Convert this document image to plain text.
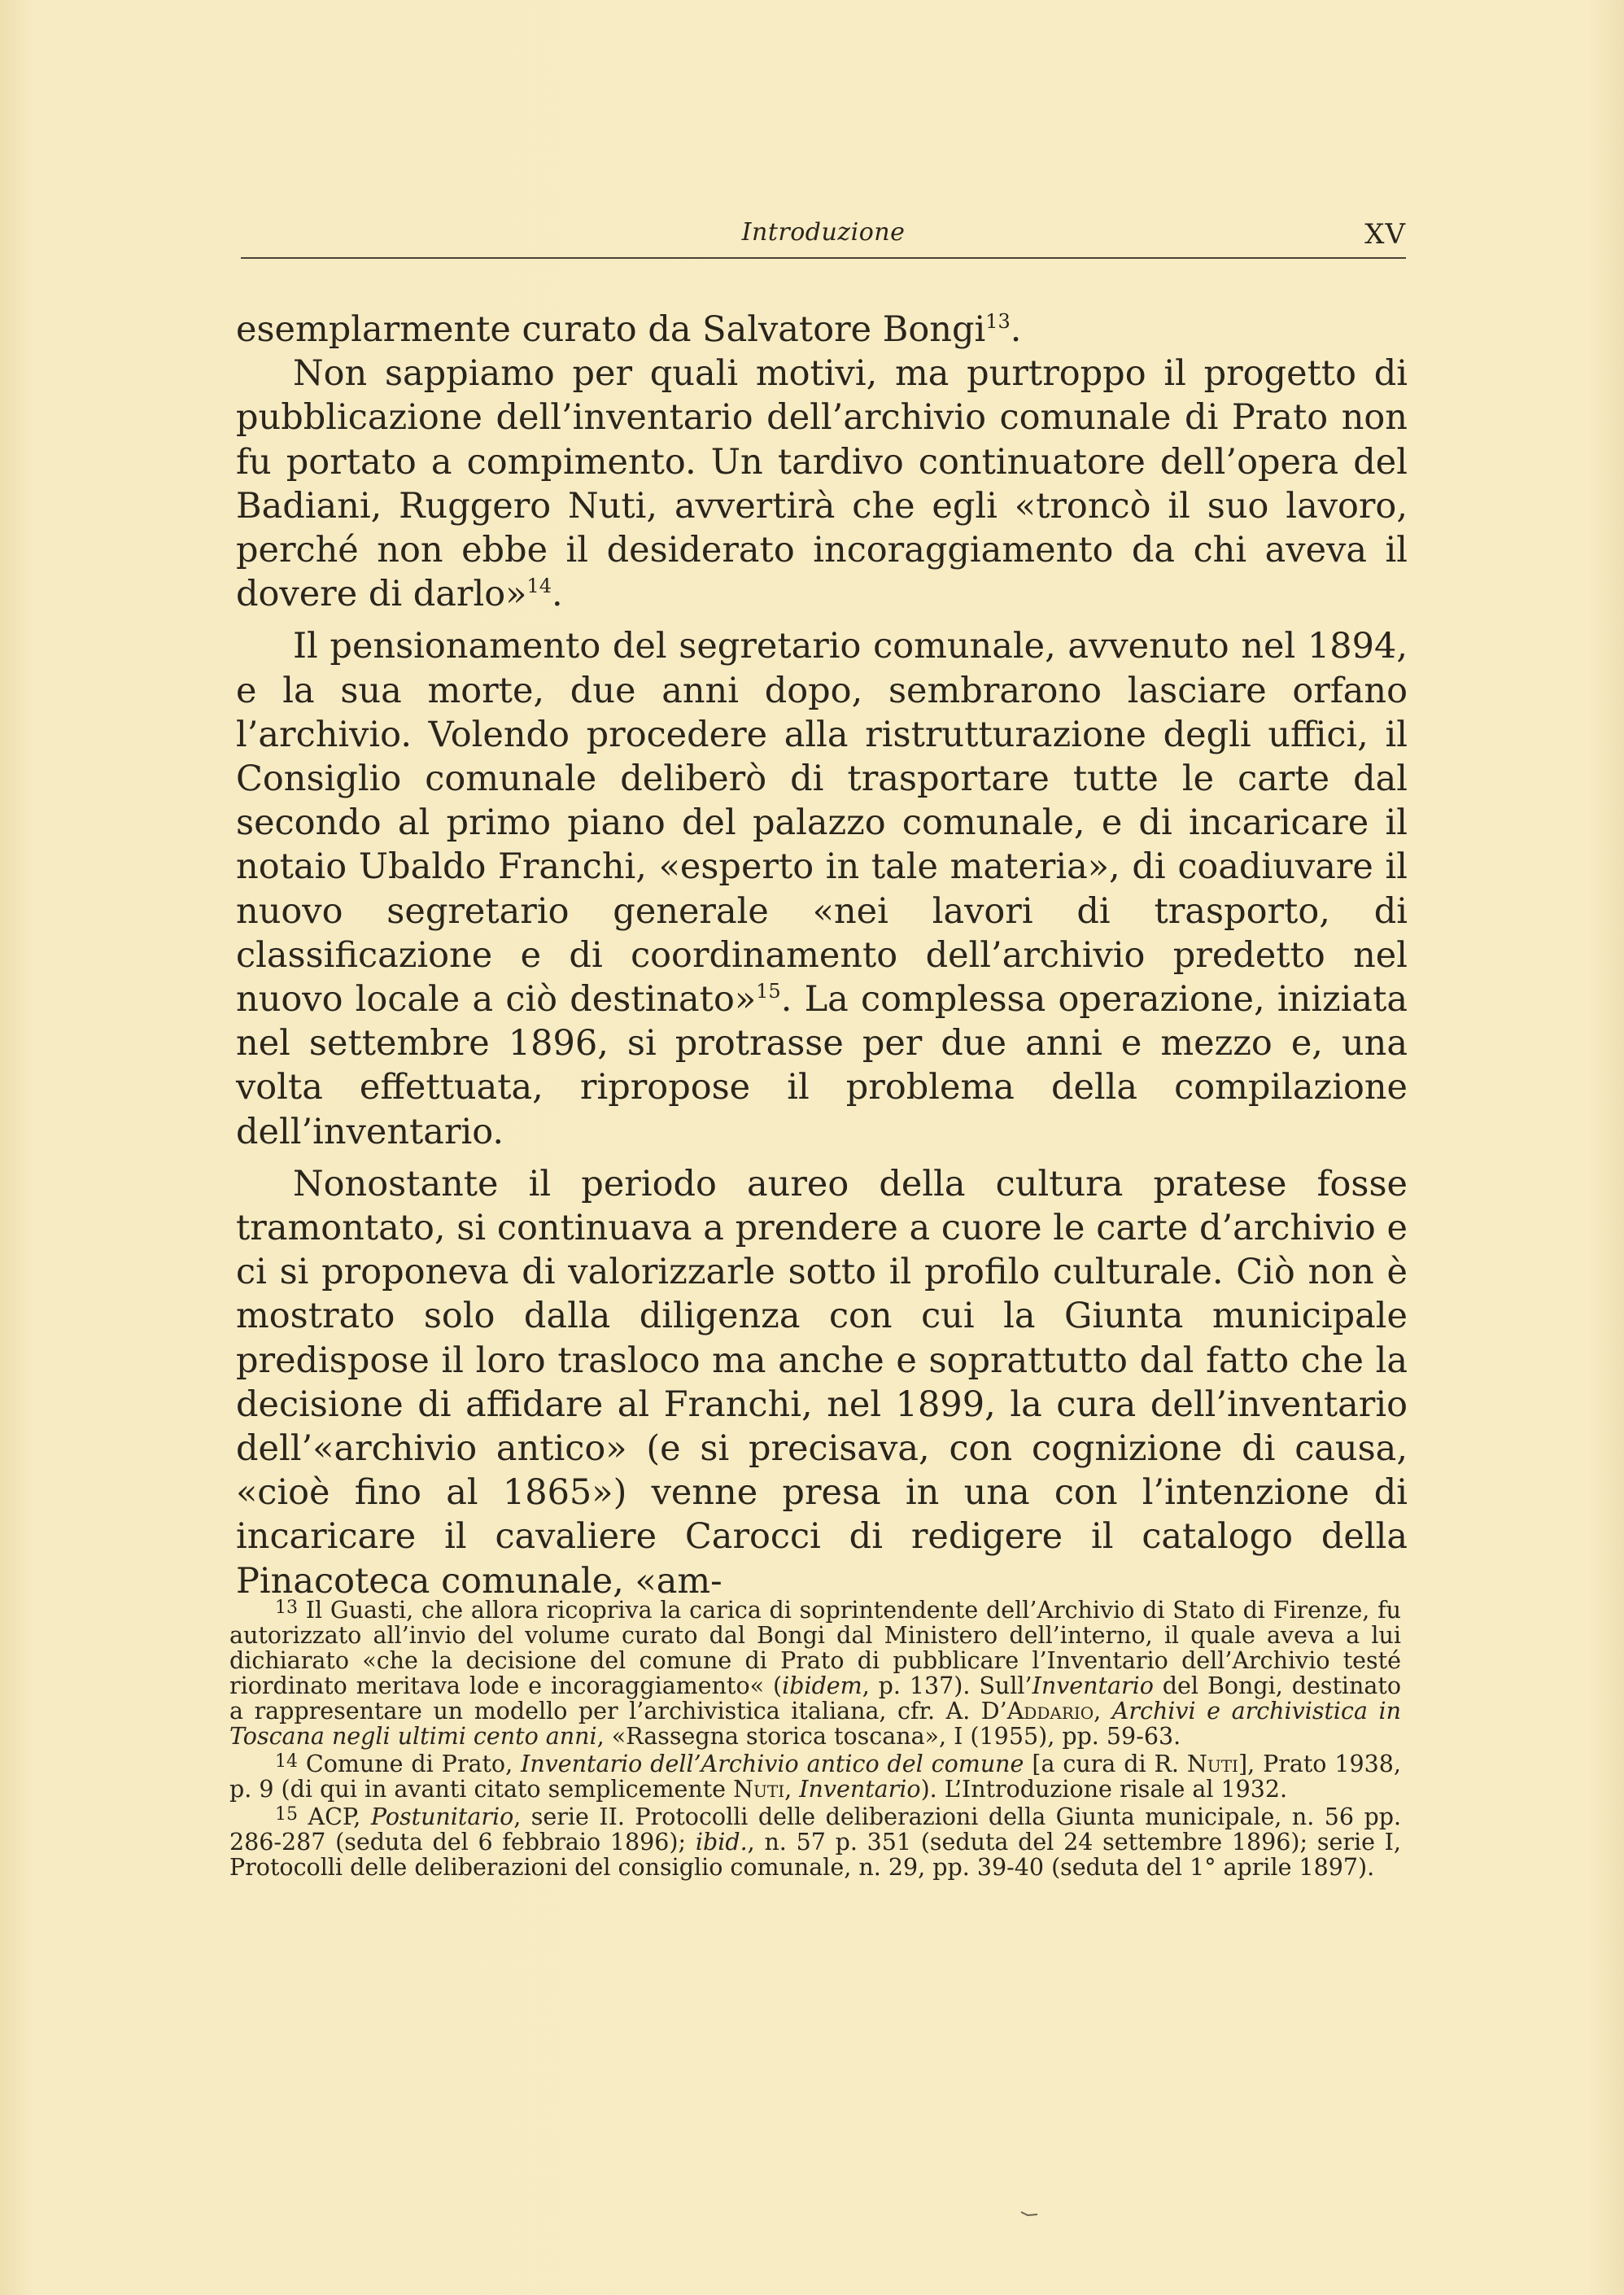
Introduzione	XV

esemplarmente curato da Salvatore Bongi$^{13}$.

Non sappiamo per quali motivi, ma purtroppo il progetto di pubblicazione dell’inventario dell’archivio comunale di Prato non fu portato a compimento. Un tardivo continuatore dell’opera del Badiani, Ruggero Nuti, avvertirà che egli «troncò il suo lavoro, perché non ebbe il desiderato incoraggiamento da chi aveva il dovere di darlo»$^{14}$.

Il pensionamento del segretario comunale, avvenuto nel 1894, e la sua morte, due anni dopo, sembrarono lasciare orfano l’archivio. Volendo procedere alla ristrutturazione degli uffici, il Consiglio comunale deliberò di trasportare tutte le carte dal secondo al primo piano del palazzo comunale, e di incaricare il notaio Ubaldo Franchi, «esperto in tale materia», di coadiuvare il nuovo segretario generale «nei lavori di trasporto, di classificazione e di coordinamento dell’archivio predetto nel nuovo locale a ciò destinato»$^{15}$. La complessa operazione, iniziata nel settembre 1896, si protrasse per due anni e mezzo e, una volta effettuata, ripropose il problema della compilazione dell’inventario.

Nonostante il periodo aureo della cultura pratese fosse tramontato, si continuava a prendere a cuore le carte d’archivio e ci si proponeva di valorizzarle sotto il profilo culturale. Ciò non è mostrato solo dalla diligenza con cui la Giunta municipale predispose il loro trasloco ma anche e soprattutto dal fatto che la decisione di affidare al Franchi, nel 1899, la cura dell’inventario dell’«archivio antico» (e si precisava, con cognizione di causa, «cioè fino al 1865») venne presa in una con l’intenzione di incaricare il cavaliere Carocci di redigere il catalogo della Pinacoteca comunale, «am-

$^{13}$ Il Guasti, che allora ricopriva la carica di soprintendente dell’Archivio di Stato di Firenze, fu autorizzato all’invio del volume curato dal Bongi dal Ministero dell’interno, il quale aveva a lui dichiarato «che la decisione del comune di Prato di pubblicare l’Inventario dell’Archivio testé riordinato meritava lode e incoraggiamento« (ibidem, p. 137). Sull’Inventario del Bongi, destinato a rappresentare un modello per l’archivistica italiana, cfr. A. D’Addario, Archivi e archivistica in Toscana negli ultimi cento anni, «Rassegna storica toscana», I (1955), pp. 59-63.

$^{14}$ Comune di Prato, Inventario dell’Archivio antico del comune [a cura di R. Nuti], Prato 1938, p. 9 (di qui in avanti citato semplicemente Nuti, Inventario). L’Introduzione risale al 1932.

$^{15}$ ACP, Postunitario, serie II. Protocolli delle deliberazioni della Giunta municipale, n. 56 pp. 286-287 (seduta del 6 febbraio 1896); ibid., n. 57 p. 351 (seduta del 24 settembre 1896); serie I, Protocolli delle deliberazioni del consiglio comunale, n. 29, pp. 39-40 (seduta del 1° aprile 1897).
